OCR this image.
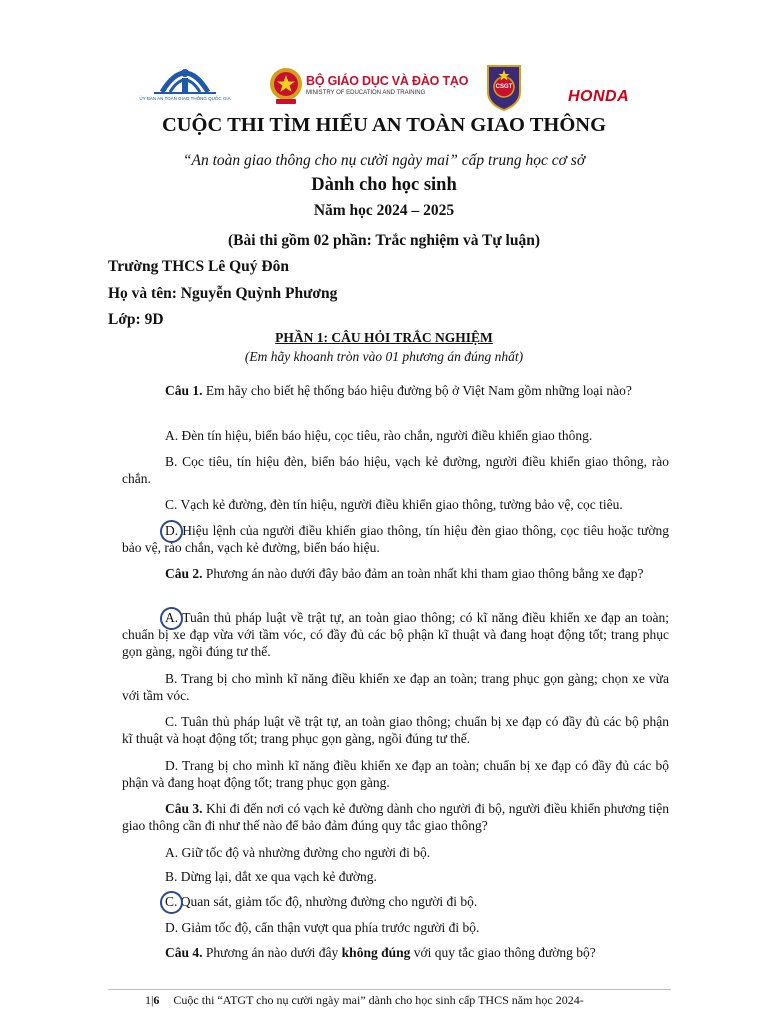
ỦY BAN AN TOÀN GIAO THÔNG QUỐC GIA
BỘ GIÁO DỤC VÀ ĐÀO TẠO
MINISTRY OF EDUCATION AND TRAINING
CSGT
HONDA
CUỘC THI TÌM HIỂU AN TOÀN GIAO THÔNG
“An toàn giao thông cho nụ cười ngày mai” cấp trung học cơ sở
Dành cho học sinh
Năm học 2024 – 2025
(Bài thi gồm 02 phần: Trắc nghiệm và Tự luận)
Trường THCS Lê Quý Đôn
Họ và tên: Nguyễn Quỳnh Phương
Lớp: 9D
PHẦN 1: CÂU HỎI TRẮC NGHIỆM
(Em hãy khoanh tròn vào 01 phương án đúng nhất)
Câu 1. Em hãy cho biết hệ thống báo hiệu đường bộ ở Việt Nam gồm những loại nào?
A. Đèn tín hiệu, biển báo hiệu, cọc tiêu, rào chắn, người điều khiển giao thông.
B. Cọc tiêu, tín hiệu đèn, biển báo hiệu, vạch kẻ đường, người điều khiển giao thông, rào chắn.
C. Vạch kẻ đường, đèn tín hiệu, người điều khiển giao thông, tường bảo vệ, cọc tiêu.
D. Hiệu lệnh của người điều khiển giao thông, tín hiệu đèn giao thông, cọc tiêu hoặc tường bảo vệ, rào chắn, vạch kẻ đường, biển báo hiệu.
Câu 2. Phương án nào dưới đây bảo đảm an toàn nhất khi tham giao thông bằng xe đạp?
A. Tuân thủ pháp luật về trật tự, an toàn giao thông; có kĩ năng điều khiển xe đạp an toàn; chuẩn bị xe đạp vừa với tầm vóc, có đầy đủ các bộ phận kĩ thuật và đang hoạt động tốt; trang phục gọn gàng, ngồi đúng tư thế.
B. Trang bị cho mình kĩ năng điều khiển xe đạp an toàn; trang phục gọn gàng; chọn xe vừa với tầm vóc.
C. Tuân thủ pháp luật về trật tự, an toàn giao thông; chuẩn bị xe đạp có đầy đủ các bộ phận kĩ thuật và hoạt động tốt; trang phục gọn gàng, ngồi đúng tư thế.
D. Trang bị cho mình kĩ năng điều khiển xe đạp an toàn; chuẩn bị xe đạp có đầy đủ các bộ phận và đang hoạt động tốt; trang phục gọn gàng.
Câu 3. Khi đi đến nơi có vạch kẻ đường dành cho người đi bộ, người điều khiển phương tiện giao thông cần đi như thế nào để bảo đảm đúng quy tắc giao thông?
A. Giữ tốc độ và nhường đường cho người đi bộ.
B. Dừng lại, dắt xe qua vạch kẻ đường.
C. Quan sát, giảm tốc độ, nhường đường cho người đi bộ.
D. Giảm tốc độ, cẩn thận vượt qua phía trước người đi bộ.
Câu 4. Phương án nào dưới đây không đúng với quy tắc giao thông đường bộ?
1|6 Cuộc thi “ATGT cho nụ cười ngày mai” dành cho học sinh cấp THCS năm học 2024-
